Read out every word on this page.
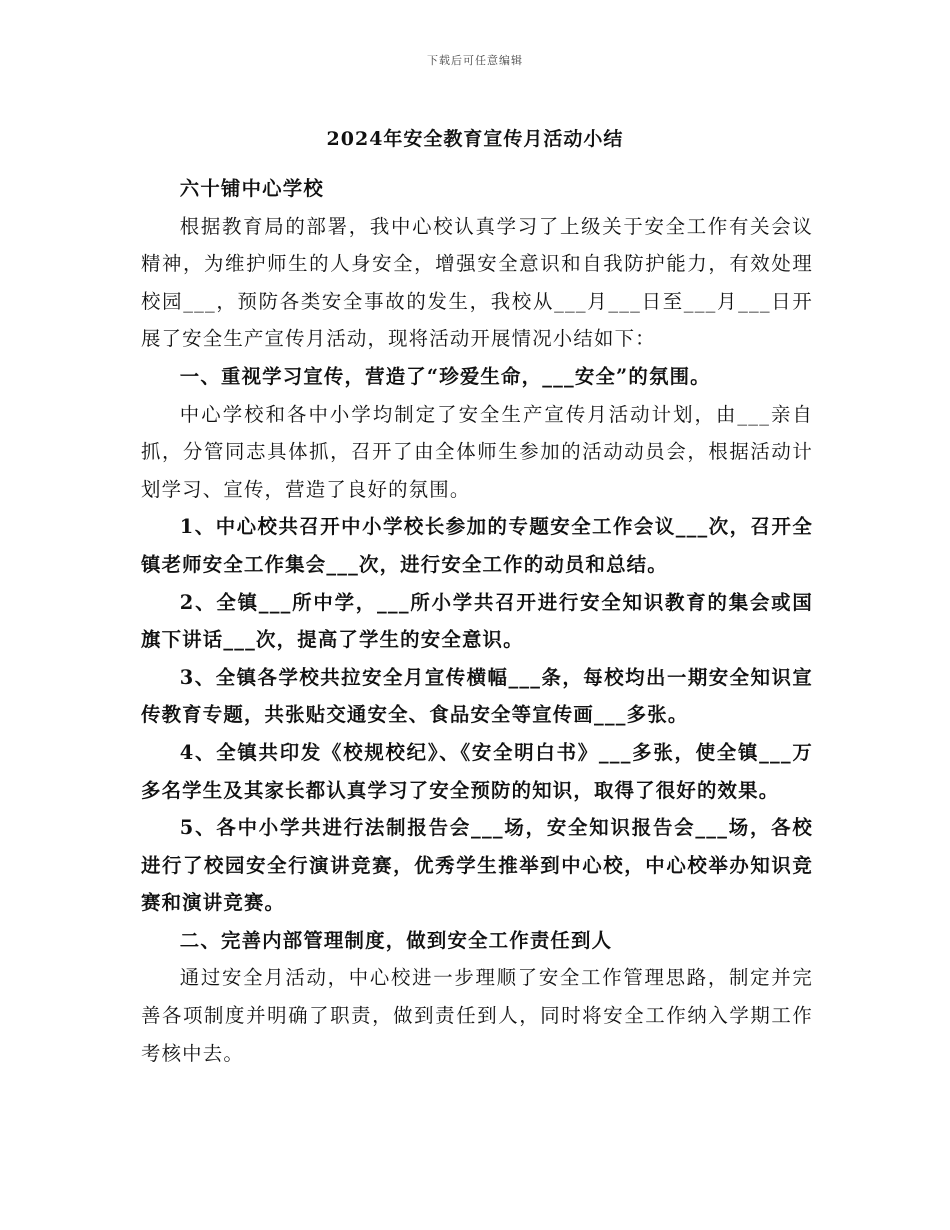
下载后可任意编辑
2024年安全教育宣传月活动小结

六十铺中心学校

根据教育局的部署，我中心校认真学习了上级关于安全工作有关会议精神，为维护师生的人身安全，增强安全意识和自我防护能力，有效处理校园___，预防各类安全事故的发生，我校从___月___日至___月___日开展了安全生产宣传月活动，现将活动开展情况小结如下：

一、重视学习宣传，营造了“珍爱生命，___安全”的氛围。

中心学校和各中小学均制定了安全生产宣传月活动计划，由___亲自抓，分管同志具体抓，召开了由全体师生参加的活动动员会，根据活动计划学习、宣传，营造了良好的氛围。

1、中心校共召开中小学校长参加的专题安全工作会议___次，召开全镇老师安全工作集会___次，进行安全工作的动员和总结。

2、全镇___所中学，___所小学共召开进行安全知识教育的集会或国旗下讲话___次，提高了学生的安全意识。

3、全镇各学校共拉安全月宣传横幅___条，每校均出一期安全知识宣传教育专题，共张贴交通安全、食品安全等宣传画___多张。

4、全镇共印发《校规校纪》、《安全明白书》___多张，使全镇___万多名学生及其家长都认真学习了安全预防的知识，取得了很好的效果。

5、各中小学共进行法制报告会___场，安全知识报告会___场，各校进行了校园安全行演讲竞赛，优秀学生推举到中心校，中心校举办知识竞赛和演讲竞赛。

二、完善内部管理制度，做到安全工作责任到人

通过安全月活动，中心校进一步理顺了安全工作管理思路，制定并完善各项制度并明确了职责，做到责任到人，同时将安全工作纳入学期工作考核中去。
